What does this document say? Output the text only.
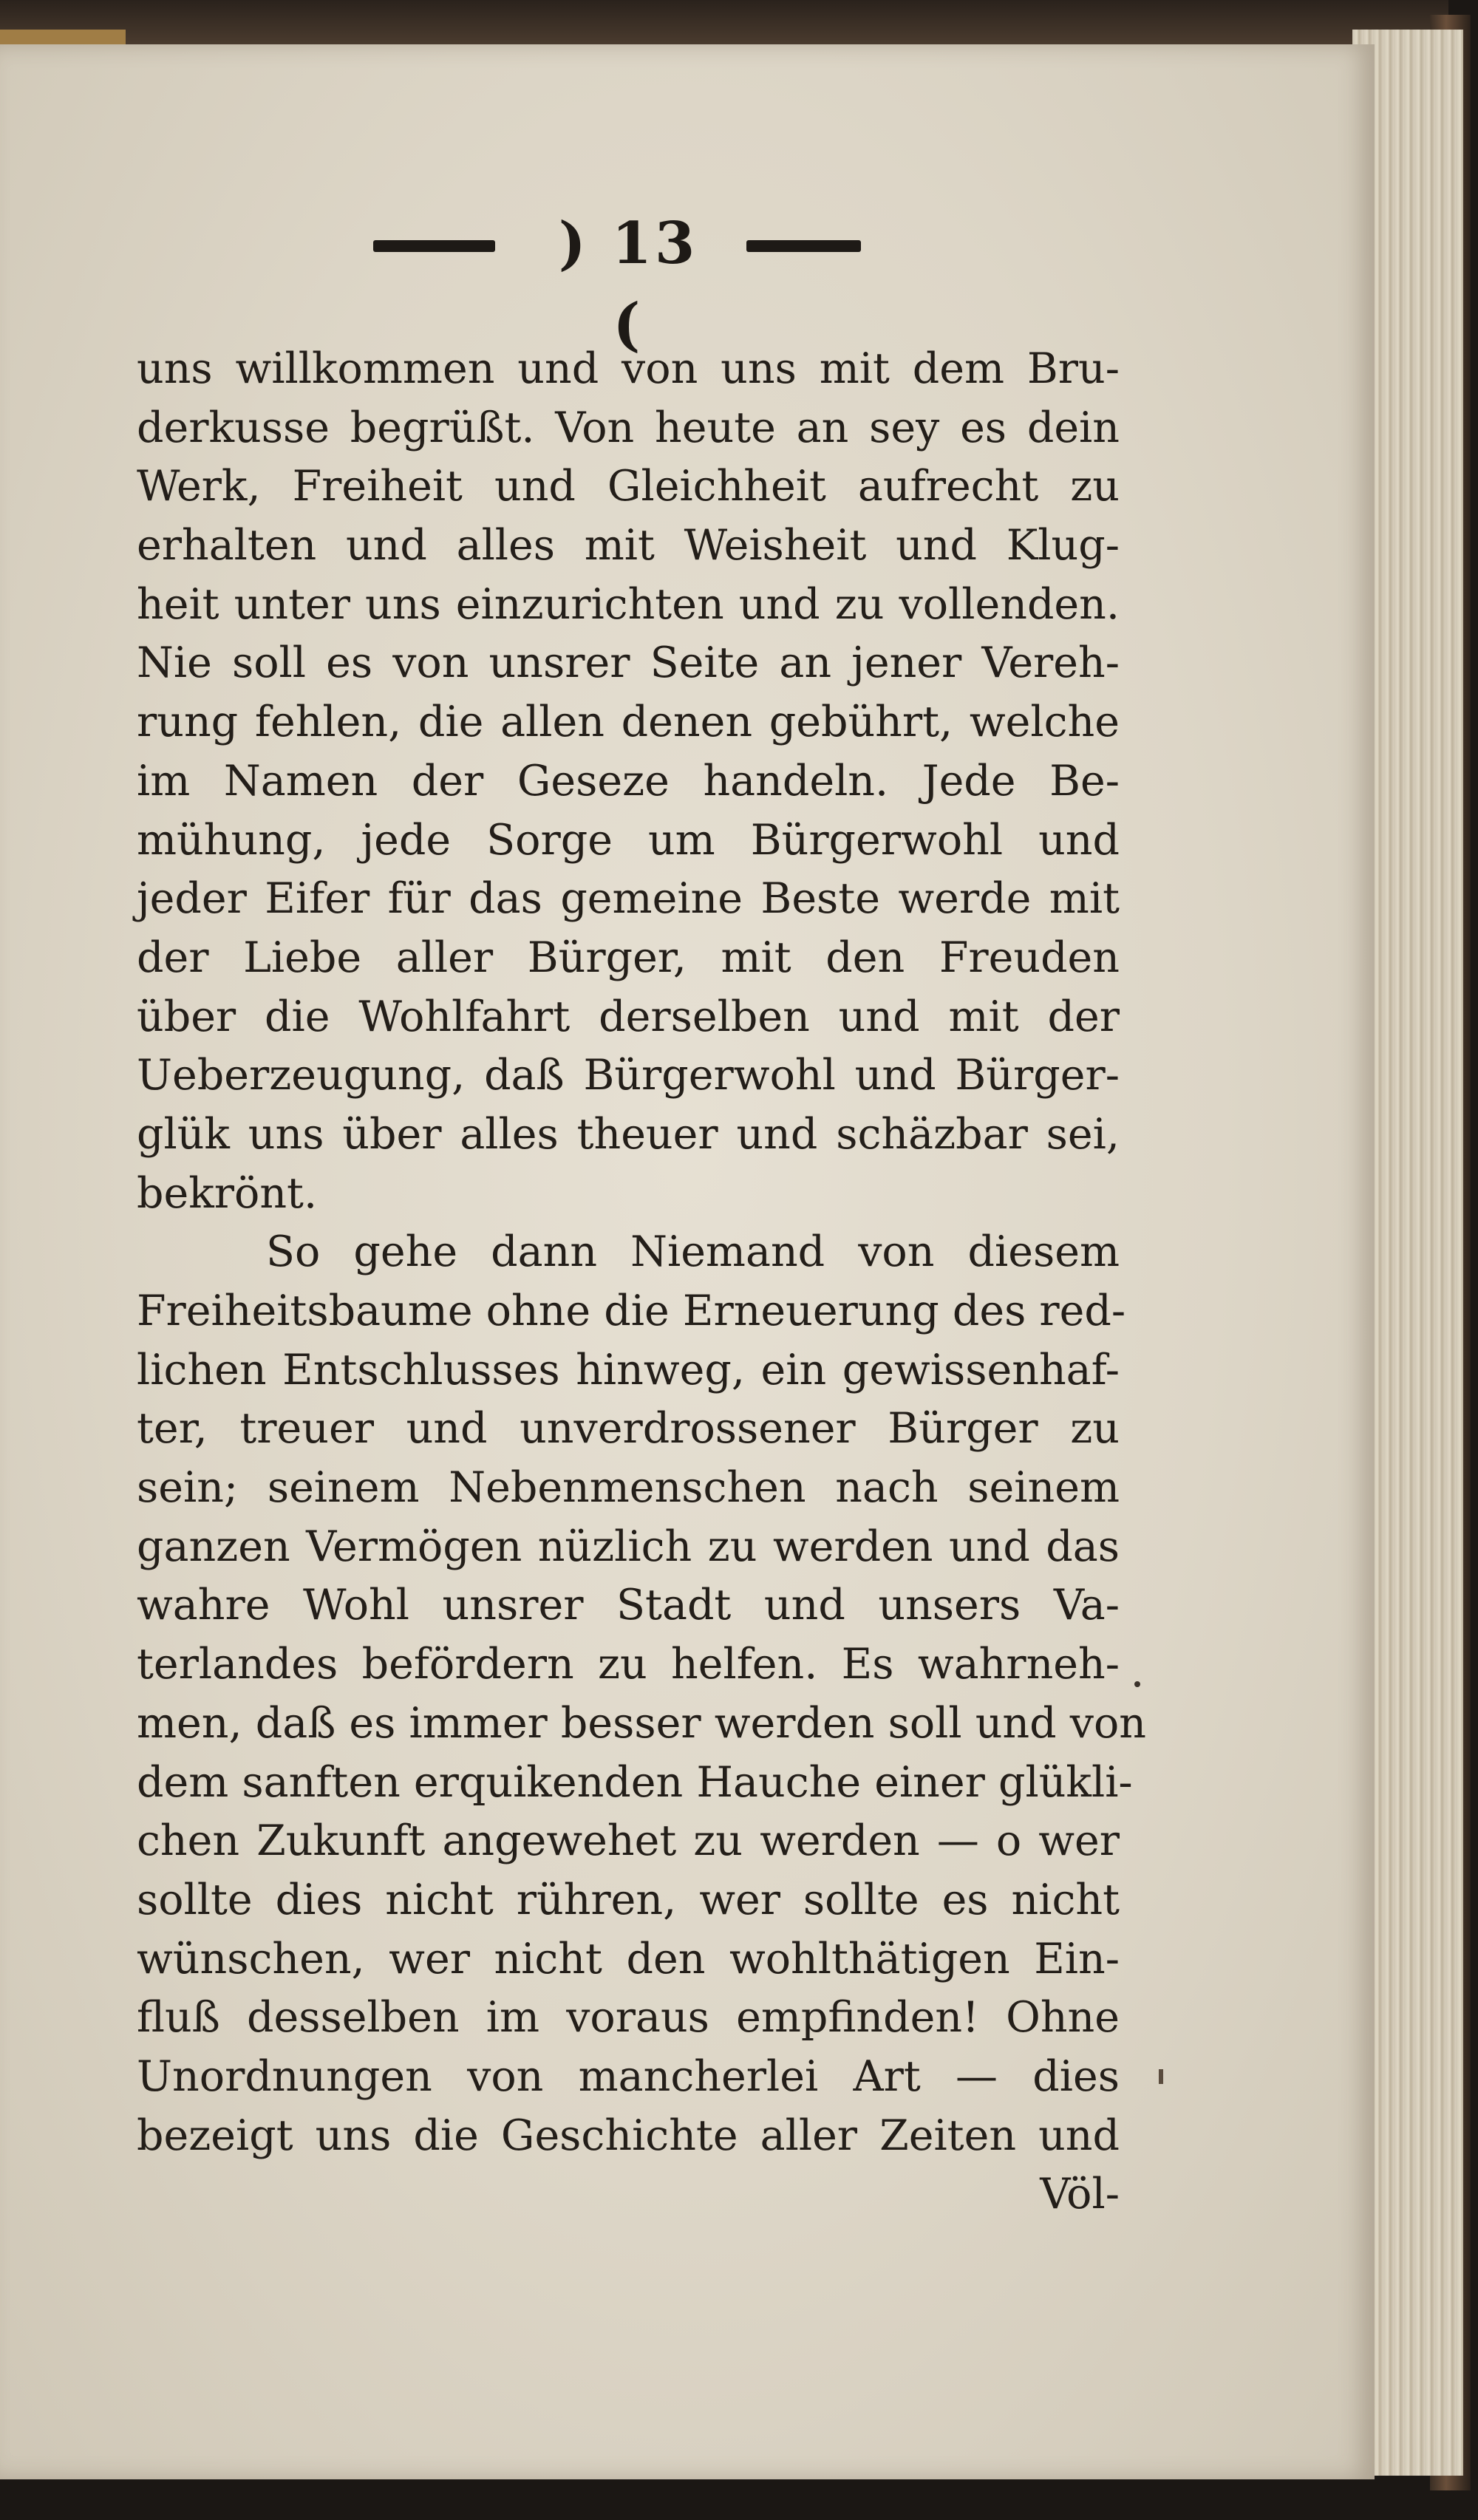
) 13 (
uns willkommen und von uns mit dem Bru-
derkusse begrüßt. Von heute an sey es dein
Werk, Freiheit und Gleichheit aufrecht zu
erhalten und alles mit Weisheit und Klug-
heit unter uns einzurichten und zu vollenden.
Nie soll es von unsrer Seite an jener Vereh-
rung fehlen, die allen denen gebührt, welche
im Namen der Geseze handeln. Jede Be-
mühung, jede Sorge um Bürgerwohl und
jeder Eifer für das gemeine Beste werde mit
der Liebe aller Bürger, mit den Freuden
über die Wohlfahrt derselben und mit der
Ueberzeugung, daß Bürgerwohl und Bürger-
glük uns über alles theuer und schäzbar sei,
bekrönt.
So gehe dann Niemand von diesem
Freiheitsbaume ohne die Erneuerung des red-
lichen Entschlusses hinweg, ein gewissenhaf-
ter, treuer und unverdrossener Bürger zu
sein; seinem Nebenmenschen nach seinem
ganzen Vermögen nüzlich zu werden und das
wahre Wohl unsrer Stadt und unsers Va-
terlandes befördern zu helfen. Es wahrneh-
men, daß es immer besser werden soll und von
dem sanften erquikenden Hauche einer glükli-
chen Zukunft angewehet zu werden — o wer
sollte dies nicht rühren, wer sollte es nicht
wünschen, wer nicht den wohlthätigen Ein-
fluß desselben im voraus empfinden! Ohne
Unordnungen von mancherlei Art — dies
bezeigt uns die Geschichte aller Zeiten und
Völ-
